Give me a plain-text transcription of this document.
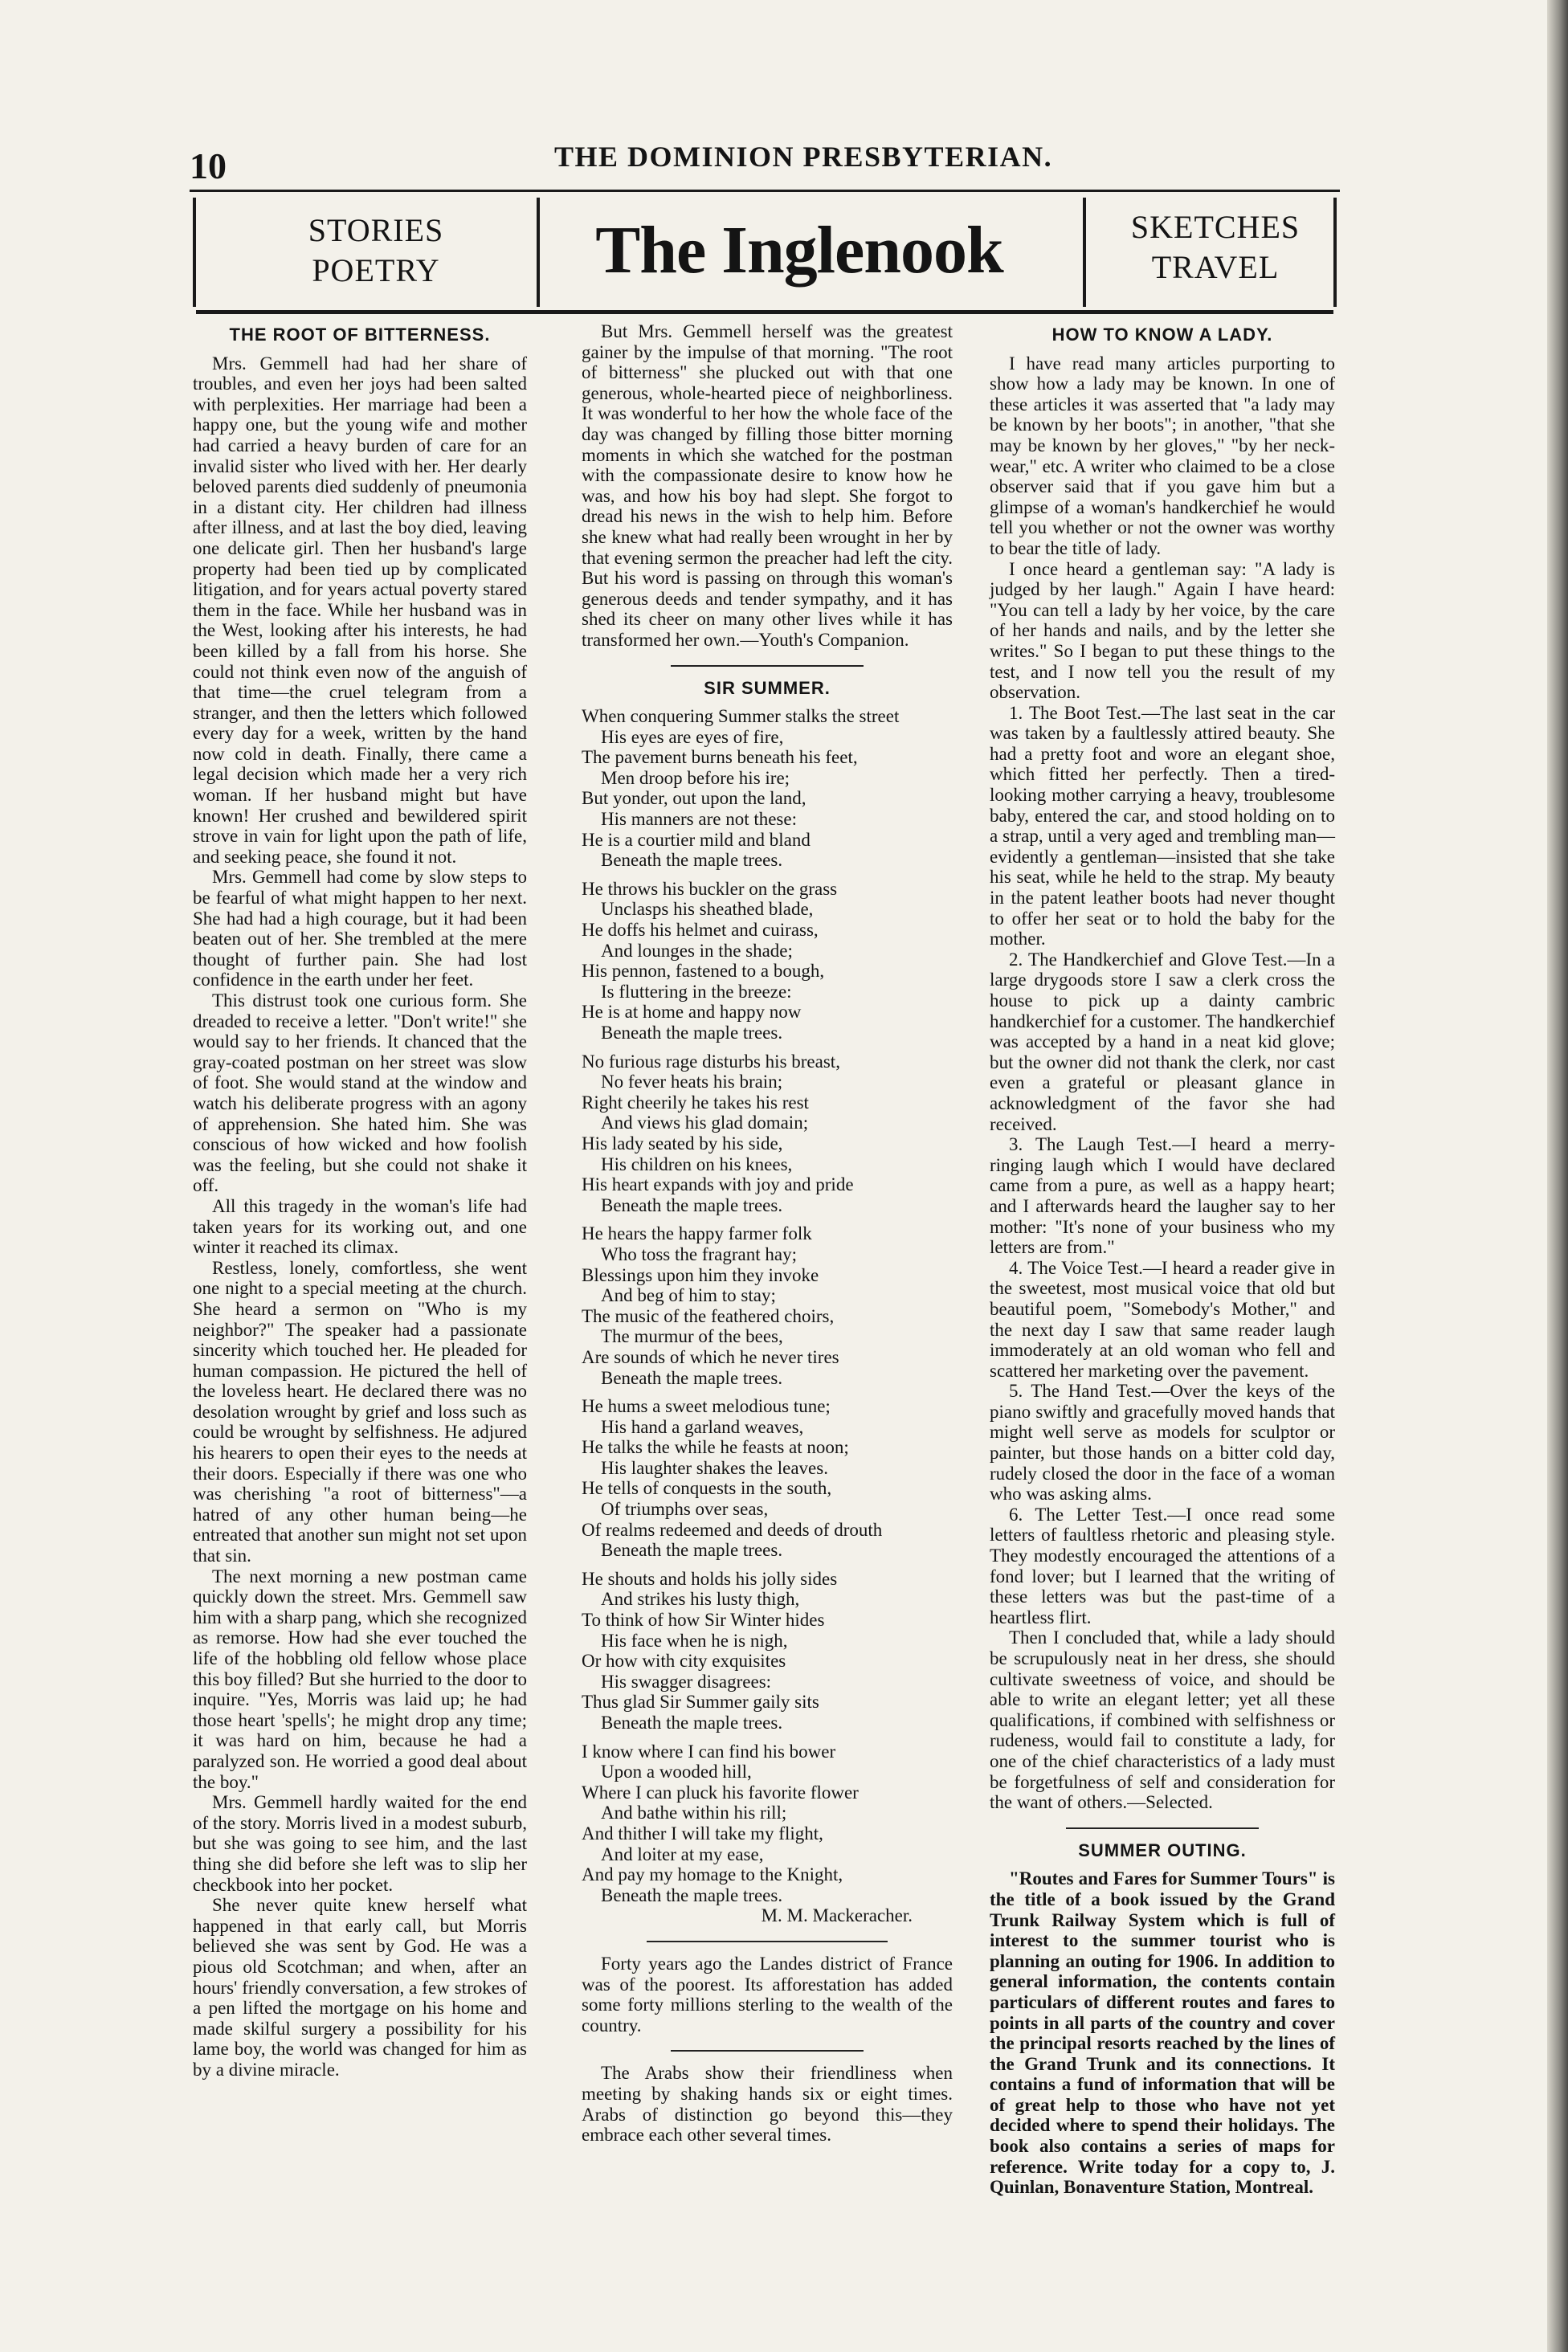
10	THE DOMINION PRESBYTERIAN.
STORIES
POETRY	The Inglenook	SKETCHES
TRAVEL
THE ROOT OF BITTERNESS.

Mrs. Gemmell had had her share of troubles, and even her joys had been salted with perplexities. Her marriage had been a happy one, but the young wife and mother had carried a heavy burden of care for an invalid sister who lived with her. Her dearly beloved parents died suddenly of pneumonia in a distant city. Her children had illness after illness, and at last the boy died, leaving one delicate girl. Then her husband's large property had been tied up by complicated litigation, and for years actual poverty stared them in the face. While her husband was in the West, looking after his interests, he had been killed by a fall from his horse. She could not think even now of the anguish of that time—the cruel telegram from a stranger, and then the letters which followed every day for a week, written by the hand now cold in death. Finally, there came a legal decision which made her a very rich woman. If her husband might but have known! Her crushed and bewildered spirit strove in vain for light upon the path of life, and seeking peace, she found it not.

Mrs. Gemmell had come by slow steps to be fearful of what might happen to her next. She had had a high courage, but it had been beaten out of her. She trembled at the mere thought of further pain. She had lost confidence in the earth under her feet.

This distrust took one curious form. She dreaded to receive a letter. "Don't write!" she would say to her friends. It chanced that the gray-coated postman on her street was slow of foot. She would stand at the window and watch his deliberate progress with an agony of apprehension. She hated him. She was conscious of how wicked and how foolish was the feeling, but she could not shake it off.

All this tragedy in the woman's life had taken years for its working out, and one winter it reached its climax.

Restless, lonely, comfortless, she went one night to a special meeting at the church. She heard a sermon on "Who is my neighbor?" The speaker had a passionate sincerity which touched her. He pleaded for human compassion. He pictured the hell of the loveless heart. He declared there was no desolation wrought by grief and loss such as could be wrought by selfishness. He adjured his hearers to open their eyes to the needs at their doors. Especially if there was one who was cherishing "a root of bitterness"—a hatred of any other human being—he entreated that another sun might not set upon that sin.

The next morning a new postman came quickly down the street. Mrs. Gemmell saw him with a sharp pang, which she recognized as remorse. How had she ever touched the life of the hobbling old fellow whose place this boy filled? But she hurried to the door to inquire. "Yes, Morris was laid up; he had those heart 'spells'; he might drop any time; it was hard on him, because he had a paralyzed son. He worried a good deal about the boy."

Mrs. Gemmell hardly waited for the end of the story. Morris lived in a modest suburb, but she was going to see him, and the last thing she did before she left was to slip her checkbook into her pocket.

She never quite knew herself what happened in that early call, but Morris believed she was sent by God. He was a pious old Scotchman; and when, after an hours' friendly conversation, a few strokes of a pen lifted the mortgage on his home and made skilful surgery a possibility for his lame boy, the world was changed for him as by a divine miracle.

But Mrs. Gemmell herself was the greatest gainer by the impulse of that morning. "The root of bitterness" she plucked out with that one generous, whole-hearted piece of neighborliness. It was wonderful to her how the whole face of the day was changed by filling those bitter morning moments in which she watched for the postman with the compassionate desire to know how he was, and how his boy had slept. She forgot to dread his news in the wish to help him. Before she knew what had really been wrought in her by that evening sermon the preacher had left the city. But his word is passing on through this woman's generous deeds and tender sympathy, and it has shed its cheer on many other lives while it has transformed her own.—Youth's Companion.

SIR SUMMER.

When conquering Summer stalks the street

His eyes are eyes of fire,

The pavement burns beneath his feet,

Men droop before his ire;

But yonder, out upon the land,

His manners are not these:

He is a courtier mild and bland

Beneath the maple trees.

He throws his buckler on the grass

Unclasps his sheathed blade,

He doffs his helmet and cuirass,

And lounges in the shade;

His pennon, fastened to a bough,

Is fluttering in the breeze:

He is at home and happy now

Beneath the maple trees.

No furious rage disturbs his breast,

No fever heats his brain;

Right cheerily he takes his rest

And views his glad domain;

His lady seated by his side,

His children on his knees,

His heart expands with joy and pride

Beneath the maple trees.

He hears the happy farmer folk

Who toss the fragrant hay;

Blessings upon him they invoke

And beg of him to stay;

The music of the feathered choirs,

The murmur of the bees,

Are sounds of which he never tires

Beneath the maple trees.

He hums a sweet melodious tune;

His hand a garland weaves,

He talks the while he feasts at noon;

His laughter shakes the leaves.

He tells of conquests in the south,

Of triumphs over seas,

Of realms redeemed and deeds of drouth

Beneath the maple trees.

He shouts and holds his jolly sides

And strikes his lusty thigh,

To think of how Sir Winter hides

His face when he is nigh,

Or how with city exquisites

His swagger disagrees:

Thus glad Sir Summer gaily sits

Beneath the maple trees.

I know where I can find his bower

Upon a wooded hill,

Where I can pluck his favorite flower

And bathe within his rill;

And thither I will take my flight,

And loiter at my ease,

And pay my homage to the Knight,

Beneath the maple trees.

M. M. Mackeracher.

Forty years ago the Landes district of France was of the poorest. Its afforestation has added some forty millions sterling to the wealth of the country.

The Arabs show their friendliness when meeting by shaking hands six or eight times. Arabs of distinction go beyond this—they embrace each other several times.

HOW TO KNOW A LADY.

I have read many articles purporting to show how a lady may be known. In one of these articles it was asserted that "a lady may be known by her boots"; in another, "that she may be known by her gloves," "by her neck-wear," etc. A writer who claimed to be a close observer said that if you gave him but a glimpse of a woman's handkerchief he would tell you whether or not the owner was worthy to bear the title of lady.

I once heard a gentleman say: "A lady is judged by her laugh." Again I have heard: "You can tell a lady by her voice, by the care of her hands and nails, and by the letter she writes." So I began to put these things to the test, and I now tell you the result of my observation.

1. The Boot Test.—The last seat in the car was taken by a faultlessly attired beauty. She had a pretty foot and wore an elegant shoe, which fitted her perfectly. Then a tired-looking mother carrying a heavy, troublesome baby, entered the car, and stood holding on to a strap, until a very aged and trembling man—evidently a gentleman—insisted that she take his seat, while he held to the strap. My beauty in the patent leather boots had never thought to offer her seat or to hold the baby for the mother.

2. The Handkerchief and Glove Test.—In a large drygoods store I saw a clerk cross the house to pick up a dainty cambric handkerchief for a customer. The handkerchief was accepted by a hand in a neat kid glove; but the owner did not thank the clerk, nor cast even a grateful or pleasant glance in acknowledgment of the favor she had received.

3. The Laugh Test.—I heard a merry-ringing laugh which I would have declared came from a pure, as well as a happy heart; and I afterwards heard the laugher say to her mother: "It's none of your business who my letters are from."

4. The Voice Test.—I heard a reader give in the sweetest, most musical voice that old but beautiful poem, "Somebody's Mother," and the next day I saw that same reader laugh immoderately at an old woman who fell and scattered her marketing over the pavement.

5. The Hand Test.—Over the keys of the piano swiftly and gracefully moved hands that might well serve as models for sculptor or painter, but those hands on a bitter cold day, rudely closed the door in the face of a woman who was asking alms.

6. The Letter Test.—I once read some letters of faultless rhetoric and pleasing style. They modestly encouraged the attentions of a fond lover; but I learned that the writing of these letters was but the past-time of a heartless flirt.

Then I concluded that, while a lady should be scrupulously neat in her dress, she should cultivate sweetness of voice, and should be able to write an elegant letter; yet all these qualifications, if combined with selfishness or rudeness, would fail to constitute a lady, for one of the chief characteristics of a lady must be forgetfulness of self and consideration for the want of others.—Selected.

SUMMER OUTING.

"Routes and Fares for Summer Tours" is the title of a book issued by the Grand Trunk Railway System which is full of interest to the summer tourist who is planning an outing for 1906. In addition to general information, the contents contain particulars of different routes and fares to points in all parts of the country and cover the principal resorts reached by the lines of the Grand Trunk and its connections. It contains a fund of information that will be of great help to those who have not yet decided where to spend their holidays. The book also contains a series of maps for reference. Write today for a copy to, J. Quinlan, Bonaventure Station, Montreal.
